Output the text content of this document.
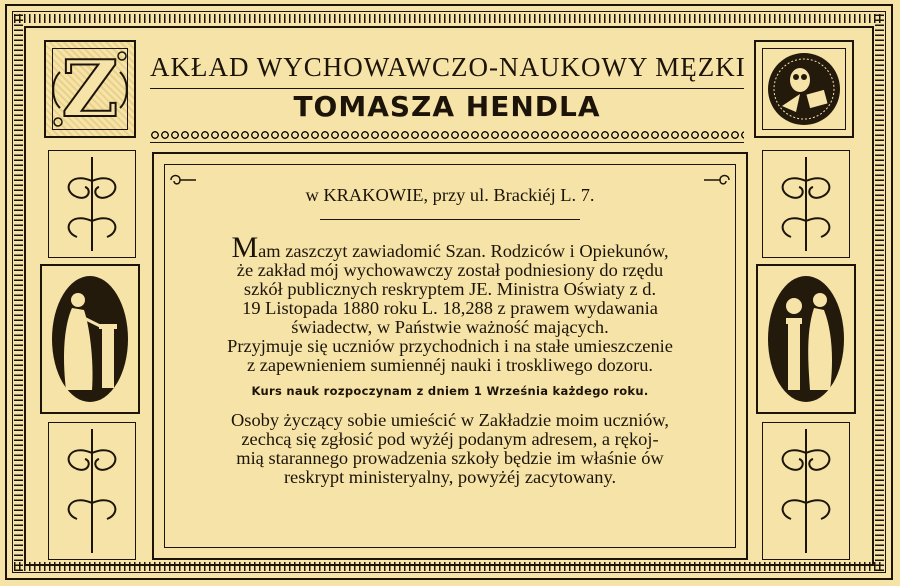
Z	AKŁAD WYCHOWAWCZO-NAUKOWY MĘZKI
TOMASZA HENDLA
w KRAKOWIE, przy ul. Brackiéj L. 7.
Mam zaszczyt zawiadomić Szan. Rodziców i Opiekunów,
że zakład mój wychowawczy został podniesiony do rzędu
szkół publicznych reskryptem JE. Ministra Oświaty z d.
19 Listopada 1880 roku L. 18,288 z prawem wydawania
świadectw, w Państwie ważność mających.
Przyjmuje się uczniów przychodnich i na stałe umieszczenie
z zapewnieniem sumiennéj nauki i troskliwego dozoru.
Kurs nauk rozpoczynam z dniem 1 Września każdego roku.
Osoby życzący sobie umieścić w Zakładzie moim uczniów,
zechcą się zgłosić pod wyżéj podanym adresem, a rękoj-
mią starannego prowadzenia szkoły będzie im właśnie ów
reskrypt ministeryalny, powyżéj zacytowany.
